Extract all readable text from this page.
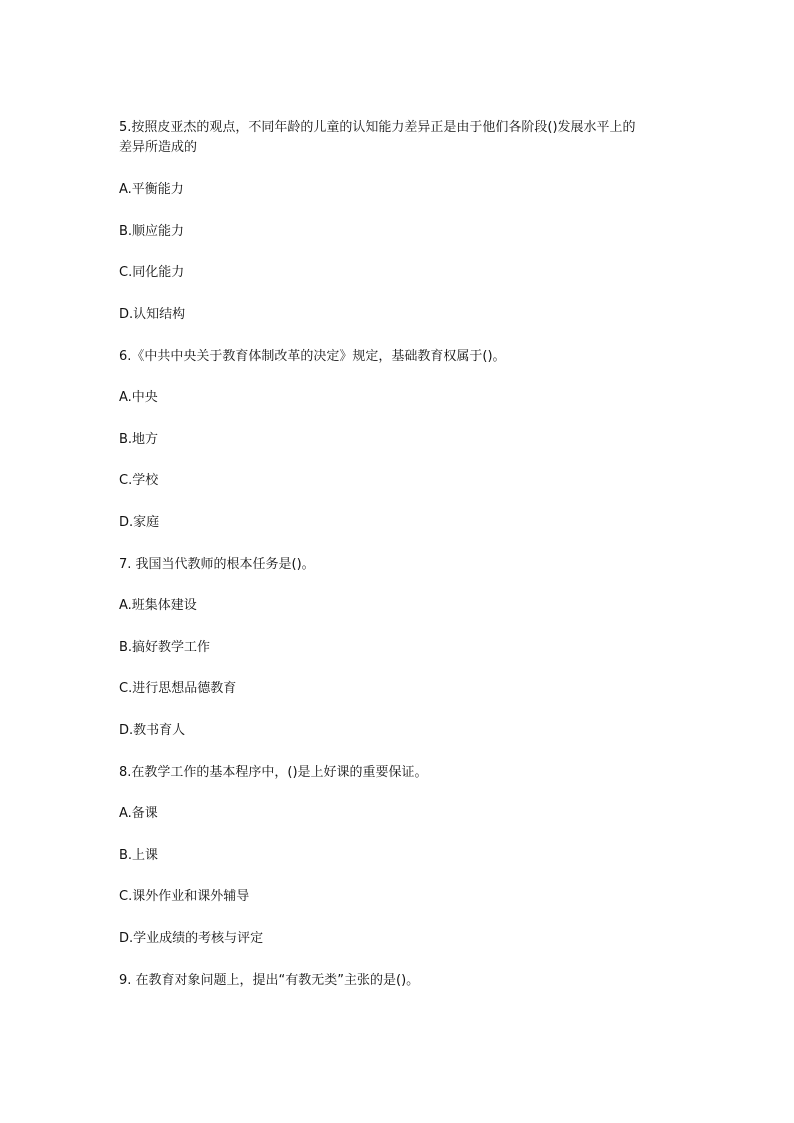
5.按照皮亚杰的观点，不同年龄的儿童的认知能力差异正是由于他们各阶段()发展水平上的
差异所造成的
A.平衡能力
B.顺应能力
C.同化能力
D.认知结构
6.《中共中央关于教育体制改革的决定》规定，基础教育权属于()。
A.中央
B.地方
C.学校
D.家庭
7. 我国当代教师的根本任务是()。
A.班集体建设
B.搞好教学工作
C.进行思想品德教育
D.教书育人
8.在教学工作的基本程序中，()是上好课的重要保证。
A.备课
B.上课
C.课外作业和课外辅导
D.学业成绩的考核与评定
9. 在教育对象问题上，提出“有教无类”主张的是()。
